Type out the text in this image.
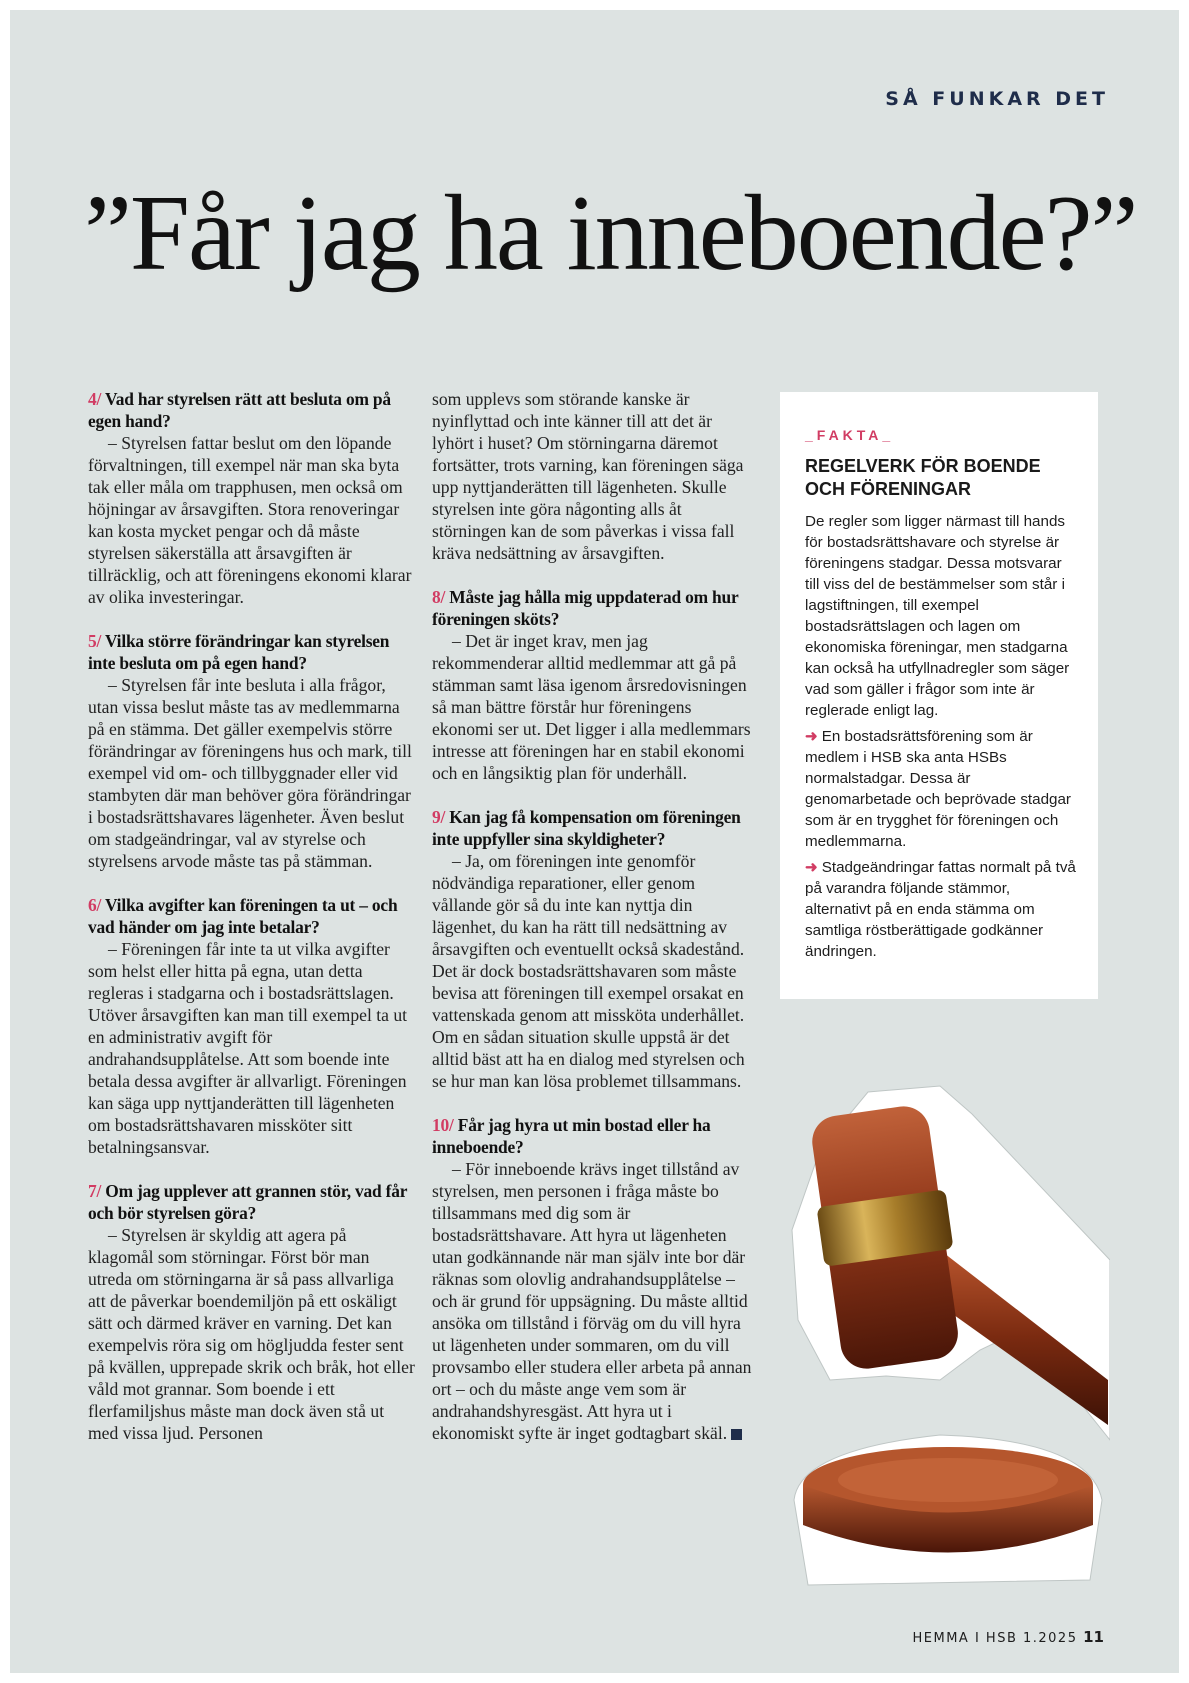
SÅ FUNKAR DET

”Får jag ha inneboende?”

4/ Vad har styrelsen rätt att besluta om på egen hand?

– Styrelsen fattar beslut om den löpande förvaltningen, till exempel när man ska byta tak eller måla om trapphusen, men också om höjningar av årsavgiften. Stora renoveringar kan kosta mycket pengar och då måste styrelsen säkerställa att årsavgiften är tillräcklig, och att föreningens ekonomi klarar av olika investeringar.

5/ Vilka större förändringar kan styrelsen inte besluta om på egen hand?

– Styrelsen får inte besluta i alla frågor, utan vissa beslut måste tas av medlemmarna på en stämma. Det gäller exempelvis större förändringar av föreningens hus och mark, till exempel vid om- och tillbyggnader eller vid stambyten där man behöver göra förändringar i bostadsrättshavares lägenheter. Även beslut om stadgeändringar, val av styrelse och styrelsens arvode måste tas på stämman.

6/ Vilka avgifter kan föreningen ta ut – och vad händer om jag inte betalar?

– Föreningen får inte ta ut vilka avgifter som helst eller hitta på egna, utan detta regleras i stadgarna och i bostadsrättslagen. Utöver årsavgiften kan man till exempel ta ut en administrativ avgift för andrahandsupplåtelse. Att som boende inte betala dessa avgifter är allvarligt. Föreningen kan säga upp nyttjanderätten till lägenheten om bostadsrättshavaren missköter sitt betalningsansvar.

7/ Om jag upplever att grannen stör, vad får och bör styrelsen göra?

– Styrelsen är skyldig att agera på klagomål som störningar. Först bör man utreda om störningarna är så pass allvarliga att de påverkar boendemiljön på ett oskäligt sätt och därmed kräver en varning. Det kan exempelvis röra sig om högljudda fester sent på kvällen, upprepade skrik och bråk, hot eller våld mot grannar. Som boende i ett flerfamiljshus måste man dock även stå ut med vissa ljud. Personen

som upplevs som störande kanske är nyinflyttad och inte känner till att det är lyhört i huset? Om störningarna däremot fortsätter, trots varning, kan föreningen säga upp nyttjanderätten till lägenheten. Skulle styrelsen inte göra någonting alls åt störningen kan de som påverkas i vissa fall kräva nedsättning av årsavgiften.

8/ Måste jag hålla mig uppdaterad om hur föreningen sköts?

– Det är inget krav, men jag rekommenderar alltid medlemmar att gå på stämman samt läsa igenom årsredovisningen så man bättre förstår hur föreningens ekonomi ser ut. Det ligger i alla medlemmars intresse att föreningen har en stabil ekonomi och en långsiktig plan för underhåll.

9/ Kan jag få kompensation om föreningen inte uppfyller sina skyldigheter?

– Ja, om föreningen inte genomför nödvändiga reparationer, eller genom vållande gör så du inte kan nyttja din lägenhet, du kan ha rätt till nedsättning av årsavgiften och eventuellt också skadestånd. Det är dock bostadsrättshavaren som måste bevisa att föreningen till exempel orsakat en vattenskada genom att missköta underhållet. Om en sådan situation skulle uppstå är det alltid bäst att ha en dialog med styrelsen och se hur man kan lösa problemet tillsammans.

10/ Får jag hyra ut min bostad eller ha inneboende?

– För inneboende krävs inget tillstånd av styrelsen, men personen i fråga måste bo tillsammans med dig som är bostadsrättshavare. Att hyra ut lägenheten utan godkännande när man själv inte bor där räknas som olovlig andrahandsupplåtelse – och är grund för uppsägning. Du måste alltid ansöka om tillstånd i förväg om du vill hyra ut lägenheten under sommaren, om du vill provsambo eller studera eller arbeta på annan ort – och du måste ange vem som är andrahandshyresgäst. Att hyra ut i ekonomiskt syfte är inget godtagbart skäl.

_FAKTA_

REGELVERK FÖR BOENDE OCH FÖRENINGAR

De regler som ligger närmast till hands för bostadsrättshavare och styrelse är föreningens stadgar. Dessa motsvarar till viss del de bestämmelser som står i lagstiftningen, till exempel bostadsrättslagen och lagen om ekonomiska föreningar, men stadgarna kan också ha utfyllnadregler som säger vad som gäller i frågor som inte är reglerade enligt lag.

➜ En bostadsrättsförening som är medlem i HSB ska anta HSBs normalstadgar. Dessa är genomarbetade och beprövade stadgar som är en trygghet för föreningen och medlemmarna.

➜ Stadgeändringar fattas normalt på två på varandra följande stämmor, alternativt på en enda stämma om samtliga röstberättigade godkänner ändringen.

HEMMA I HSB 1.2025 11
